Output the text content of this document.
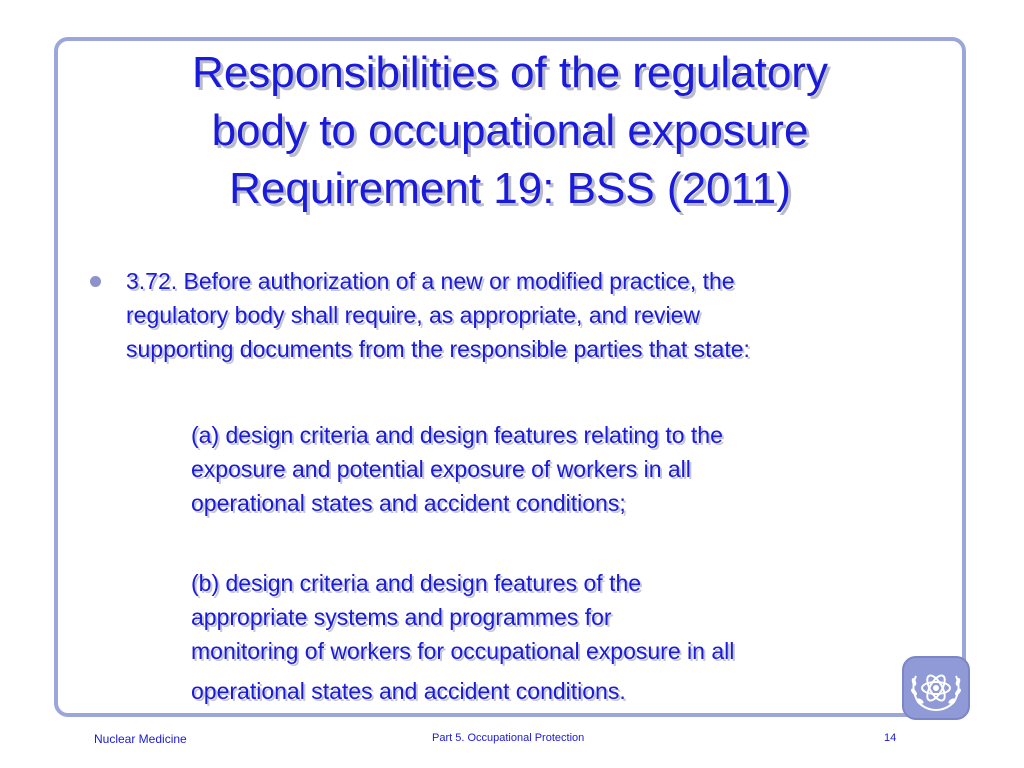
Responsibilities of the regulatory
body to occupational exposure
Requirement 19: BSS (2011)
3.72. Before authorization of a new or modified practice, the
regulatory body shall require, as appropriate, and review
supporting documents from the responsible parties that state:
(a) design criteria and design features relating to the
exposure and potential exposure of workers in all
operational states and accident conditions;
(b) design criteria and design features of the
appropriate systems and programmes for
monitoring of workers for occupational exposure in all
operational states and accident conditions.
Nuclear Medicine	Part 5. Occupational Protection	14
